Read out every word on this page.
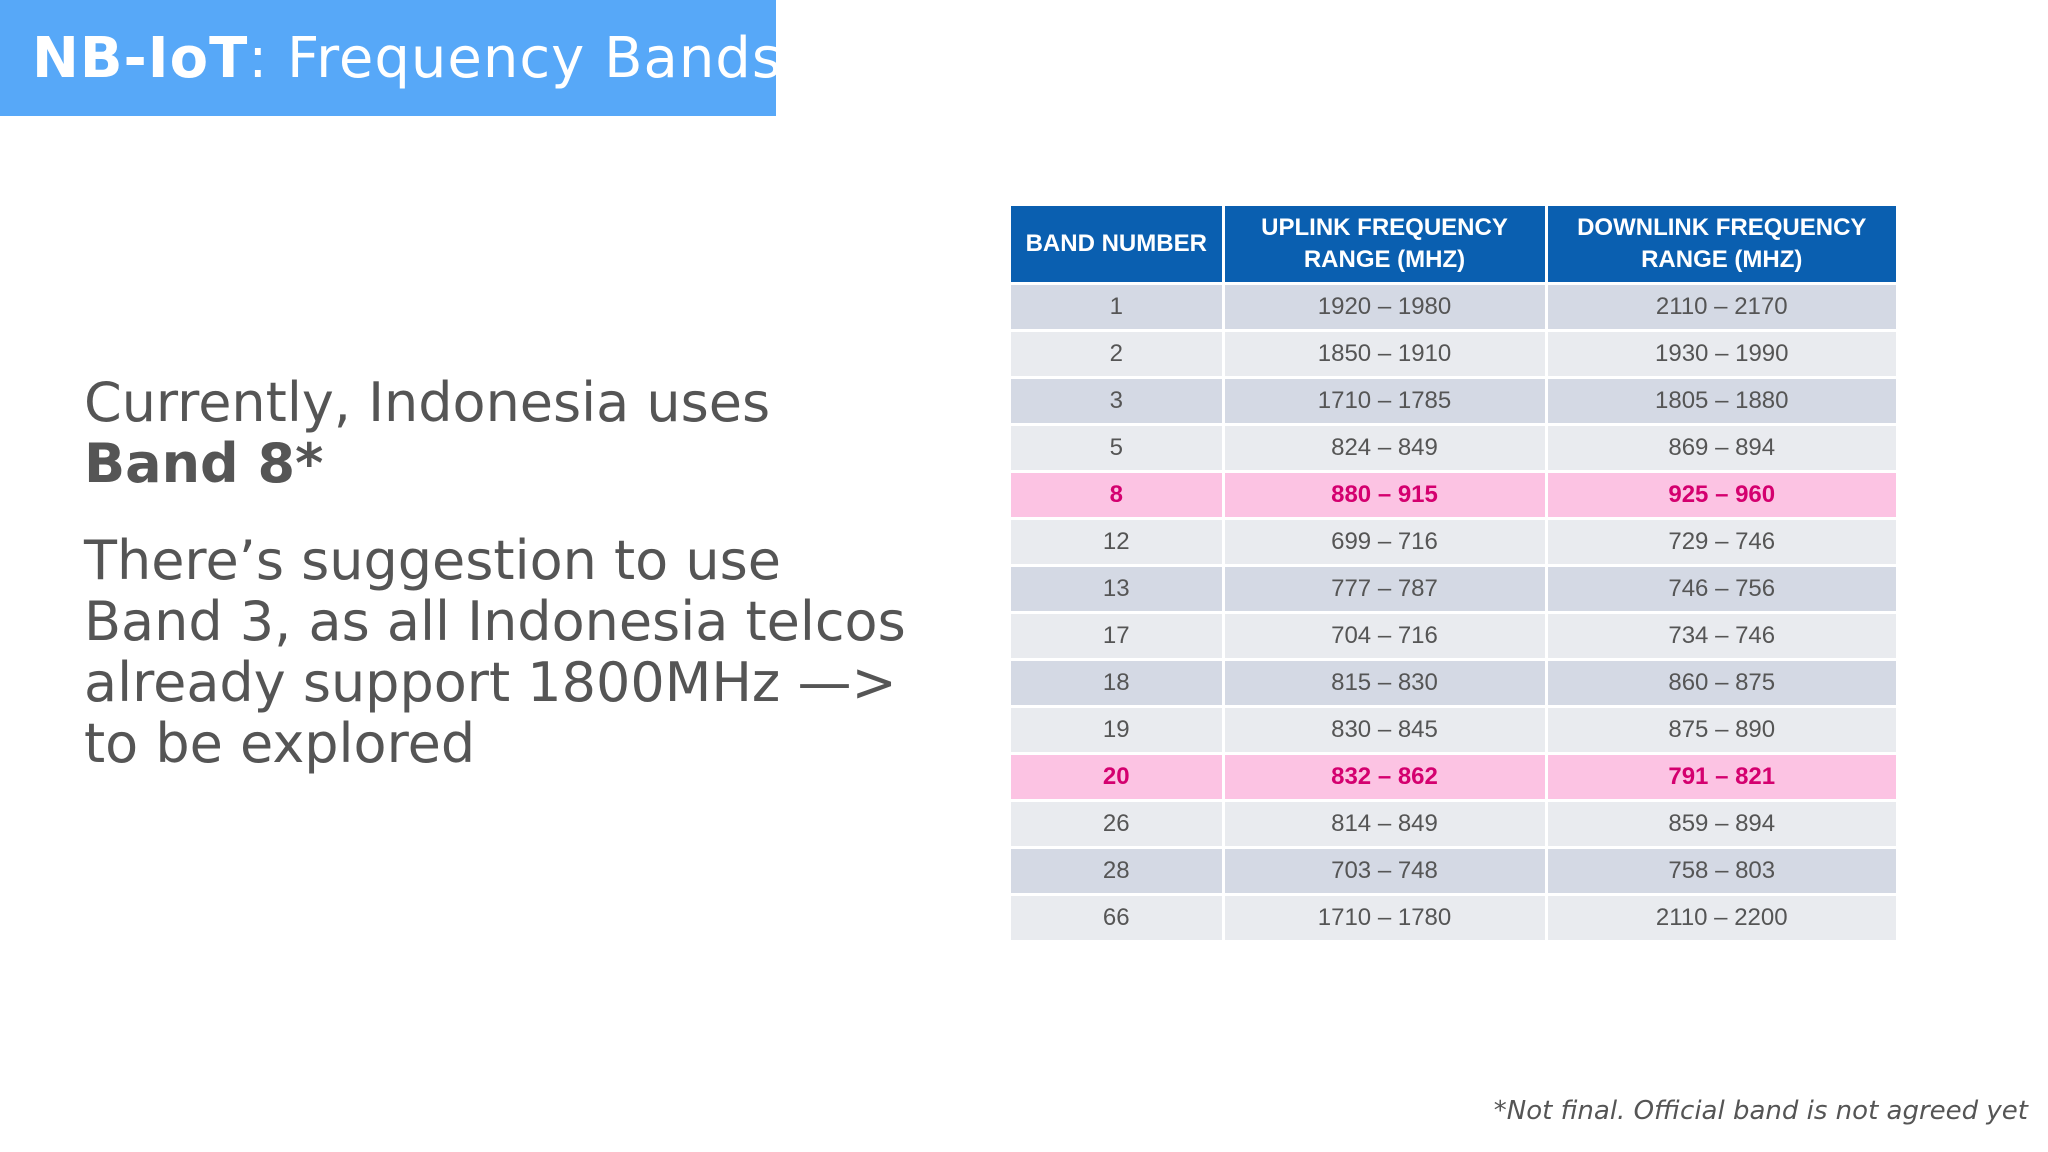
NB-IoT: Frequency Bands

Currently, Indonesia uses
Band 8*

There’s suggestion to use
Band 3, as all Indonesia telcos
already support 1800MHz —>
to be explored

BAND NUMBER	UPLINK FREQUENCY RANGE (MHZ)	DOWNLINK FREQUENCY RANGE (MHZ)
1	1920 – 1980	2110 – 2170
2	1850 – 1910	1930 – 1990
3	1710 – 1785	1805 – 1880
5	824 – 849	869 – 894
8	880 – 915	925 – 960
12	699 – 716	729 – 746
13	777 – 787	746 – 756
17	704 – 716	734 – 746
18	815 – 830	860 – 875
19	830 – 845	875 – 890
20	832 – 862	791 – 821
26	814 – 849	859 – 894
28	703 – 748	758 – 803
66	1710 – 1780	2110 – 2200
*Not final. Official band is not agreed yet
